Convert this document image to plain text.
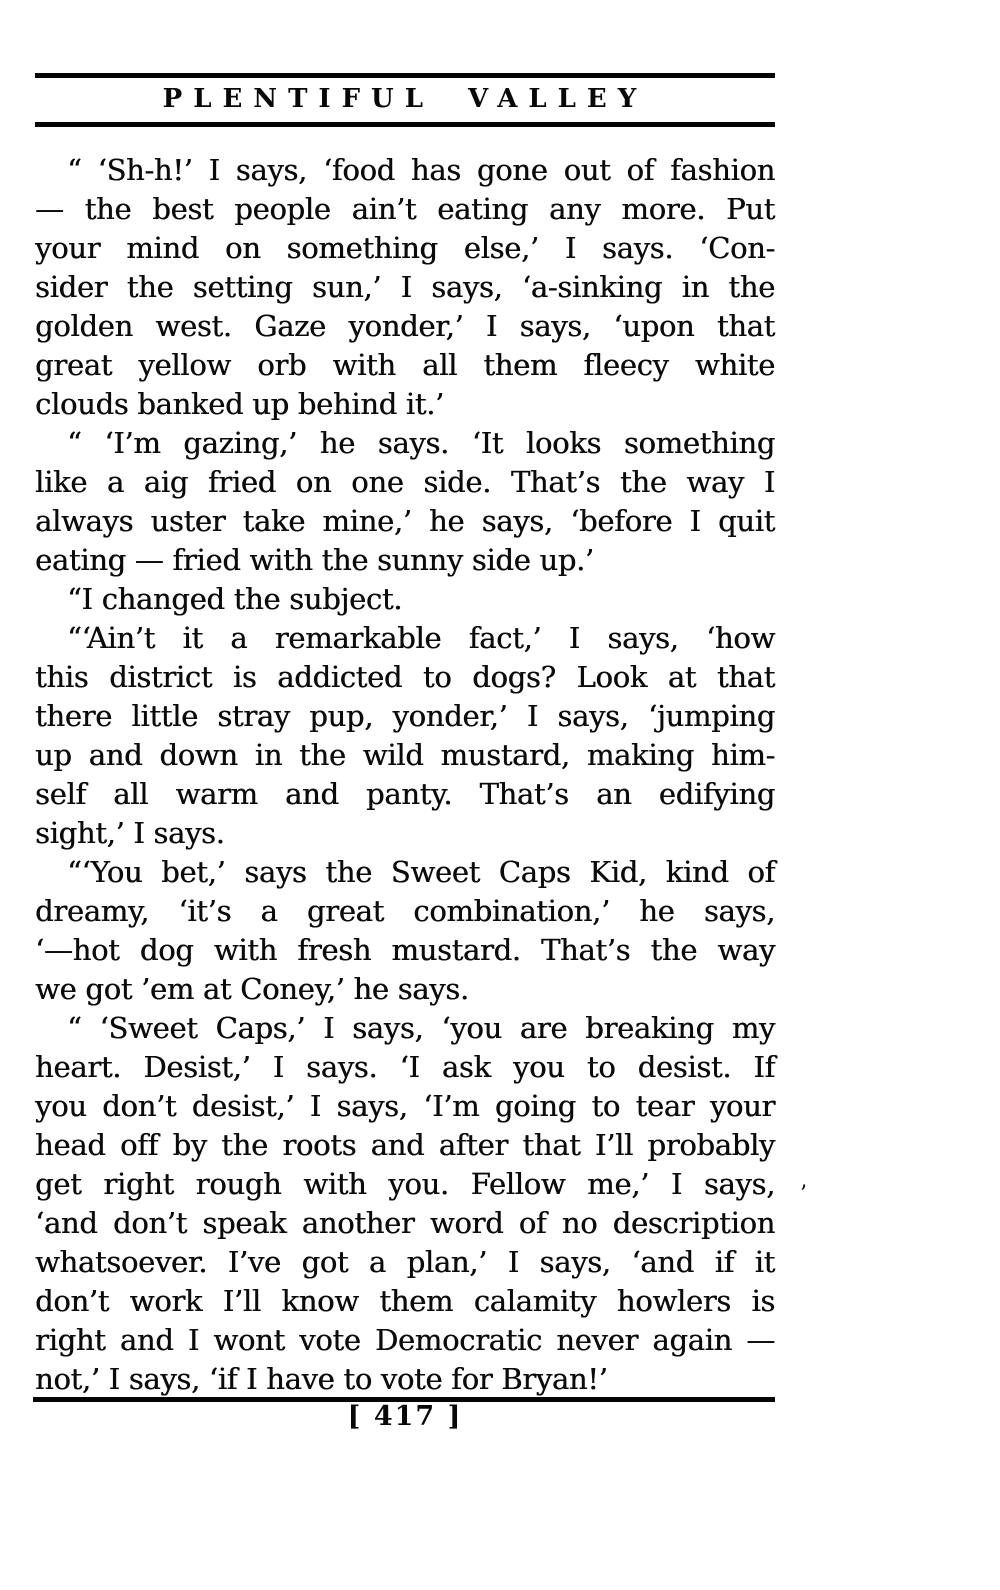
PLENTIFUL VALLEY
“ ‘Sh-h!’ I says, ‘food has gone out of fashion
— the best people ain’t eating any more. Put
your mind on something else,’ I says. ‘Con-
sider the setting sun,’ I says, ‘a-sinking in the
golden west. Gaze yonder,’ I says, ‘upon that
great yellow orb with all them fleecy white
clouds banked up behind it.’
“ ‘I’m gazing,’ he says. ‘It looks something
like a aig fried on one side. That’s the way I
always uster take mine,’ he says, ‘before I quit
eating — fried with the sunny side up.’
“I changed the subject.
“‘Ain’t it a remarkable fact,’ I says, ‘how
this district is addicted to dogs? Look at that
there little stray pup, yonder,’ I says, ‘jumping
up and down in the wild mustard, making him-
self all warm and panty. That’s an edifying
sight,’ I says.
“‘You bet,’ says the Sweet Caps Kid, kind of
dreamy, ‘it’s a great combination,’ he says,
‘—hot dog with fresh mustard. That’s the way
we got ’em at Coney,’ he says.
“ ‘Sweet Caps,’ I says, ‘you are breaking my
heart. Desist,’ I says. ‘I ask you to desist. If
you don’t desist,’ I says, ‘I’m going to tear your
head off by the roots and after that I’ll probably
get right rough with you. Fellow me,’ I says,
‘and don’t speak another word of no description
whatsoever. I’ve got a plan,’ I says, ‘and if it
don’t work I’ll know them calamity howlers is
right and I wont vote Democratic never again —
not,’ I says, ‘if I have to vote for Bryan!’
[ 417 ]
’
